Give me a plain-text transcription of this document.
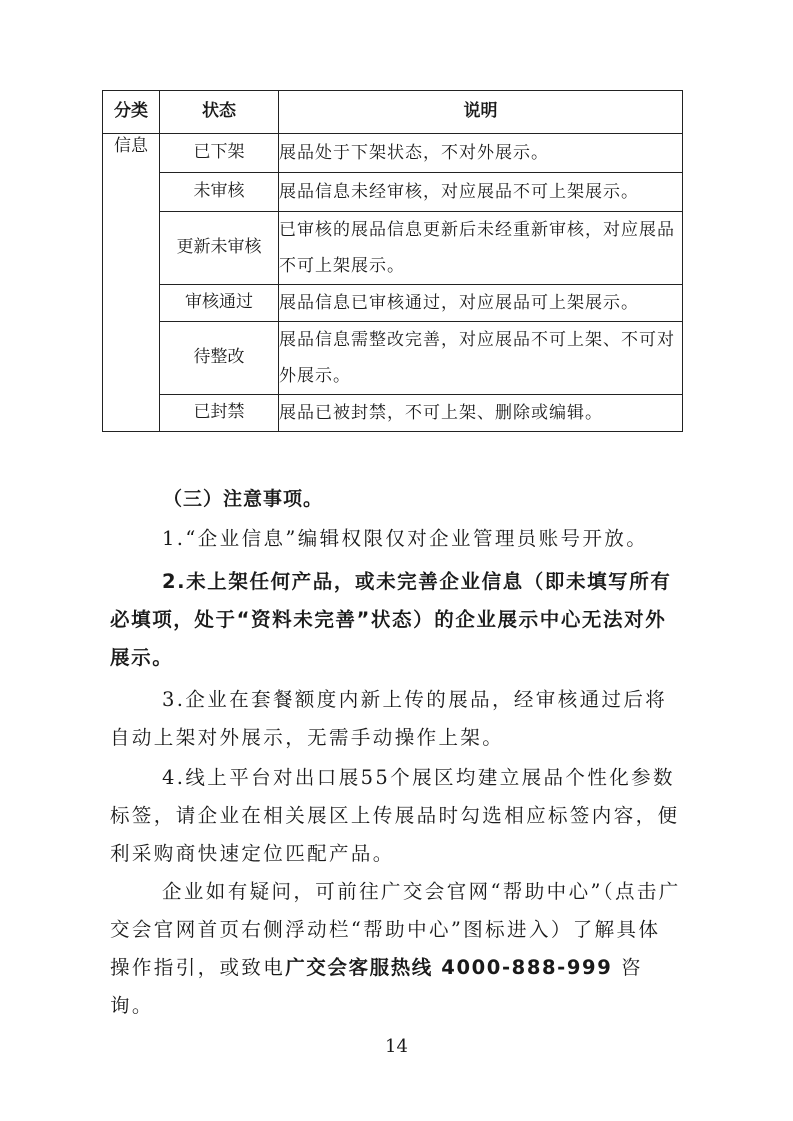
分类	状态	说明
信息	已下架	展品处于下架状态，不对外展示。
	未审核	展品信息未经审核，对应展品不可上架展示。
	更新未审核	已审核的展品信息更新后未经重新审核，对应展品不可上架展示。
	审核通过	展品信息已审核通过，对应展品可上架展示。
	待整改	展品信息需整改完善，对应展品不可上架、不可对外展示。
	已封禁	展品已被封禁，不可上架、删除或编辑。
（三）注意事项。

1.“企业信息”编辑权限仅对企业管理员账号开放。

2.未上架任何产品，或未完善企业信息（即未填写所有必填项，处于“资料未完善”状态）的企业展示中心无法对外展示。

3.企业在套餐额度内新上传的展品，经审核通过后将自动上架对外展示，无需手动操作上架。

4.线上平台对出口展55个展区均建立展品个性化参数标签，请企业在相关展区上传展品时勾选相应标签内容，便利采购商快速定位匹配产品。

企业如有疑问，可前往广交会官网“帮助中心”（点击广交会官网首页右侧浮动栏“帮助中心”图标进入）了解具体操作指引，或致电广交会客服热线 4000-888-999 咨询。

14
